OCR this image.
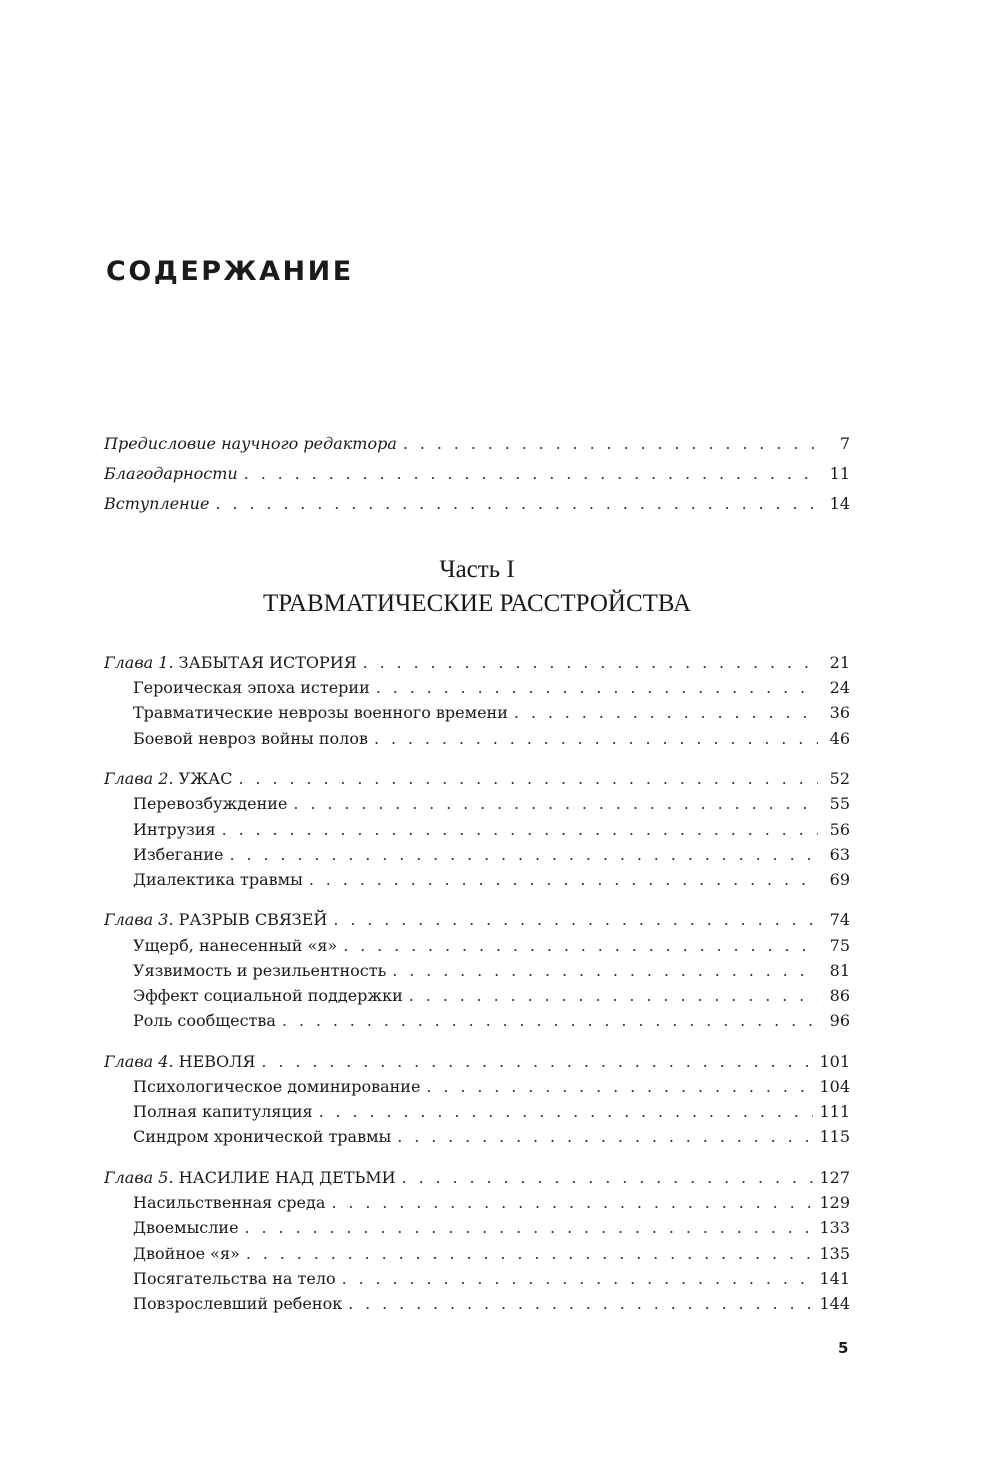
СОДЕРЖАНИЕ
Предисловие научного редактора . . .	7
Благодарности . . .	11
Вступление . . .	14
Часть I
ТРАВМАТИЧЕСКИЕ РАССТРОЙСТВА
Глава 1. ЗАБЫТАЯ ИСТОРИЯ . . .	21
Героическая эпоха истерии . . .	24
Травматические неврозы военного времени . . .	36
Боевой невроз войны полов . . .	46
Глава 2. УЖАС . . .	52
Перевозбуждение . . .	55
Интрузия . . .	56
Избегание . . .	63
Диалектика травмы . . .	69
Глава 3. РАЗРЫВ СВЯЗЕЙ . . .	74
Ущерб, нанесенный «я» . . .	75
Уязвимость и резильентность . . .	81
Эффект социальной поддержки . . .	86
Роль сообщества . . .	96
Глава 4. НЕВОЛЯ . . .	101
Психологическое доминирование . . .	104
Полная капитуляция . . .	111
Синдром хронической травмы . . .	115
Глава 5. НАСИЛИЕ НАД ДЕТЬМИ . . .	127
Насильственная среда . . .	129
Двоемыслие . . .	133
Двойное «я» . . .	135
Посягательства на тело . . .	141
Повзрослевший ребенок . . .	144
5
